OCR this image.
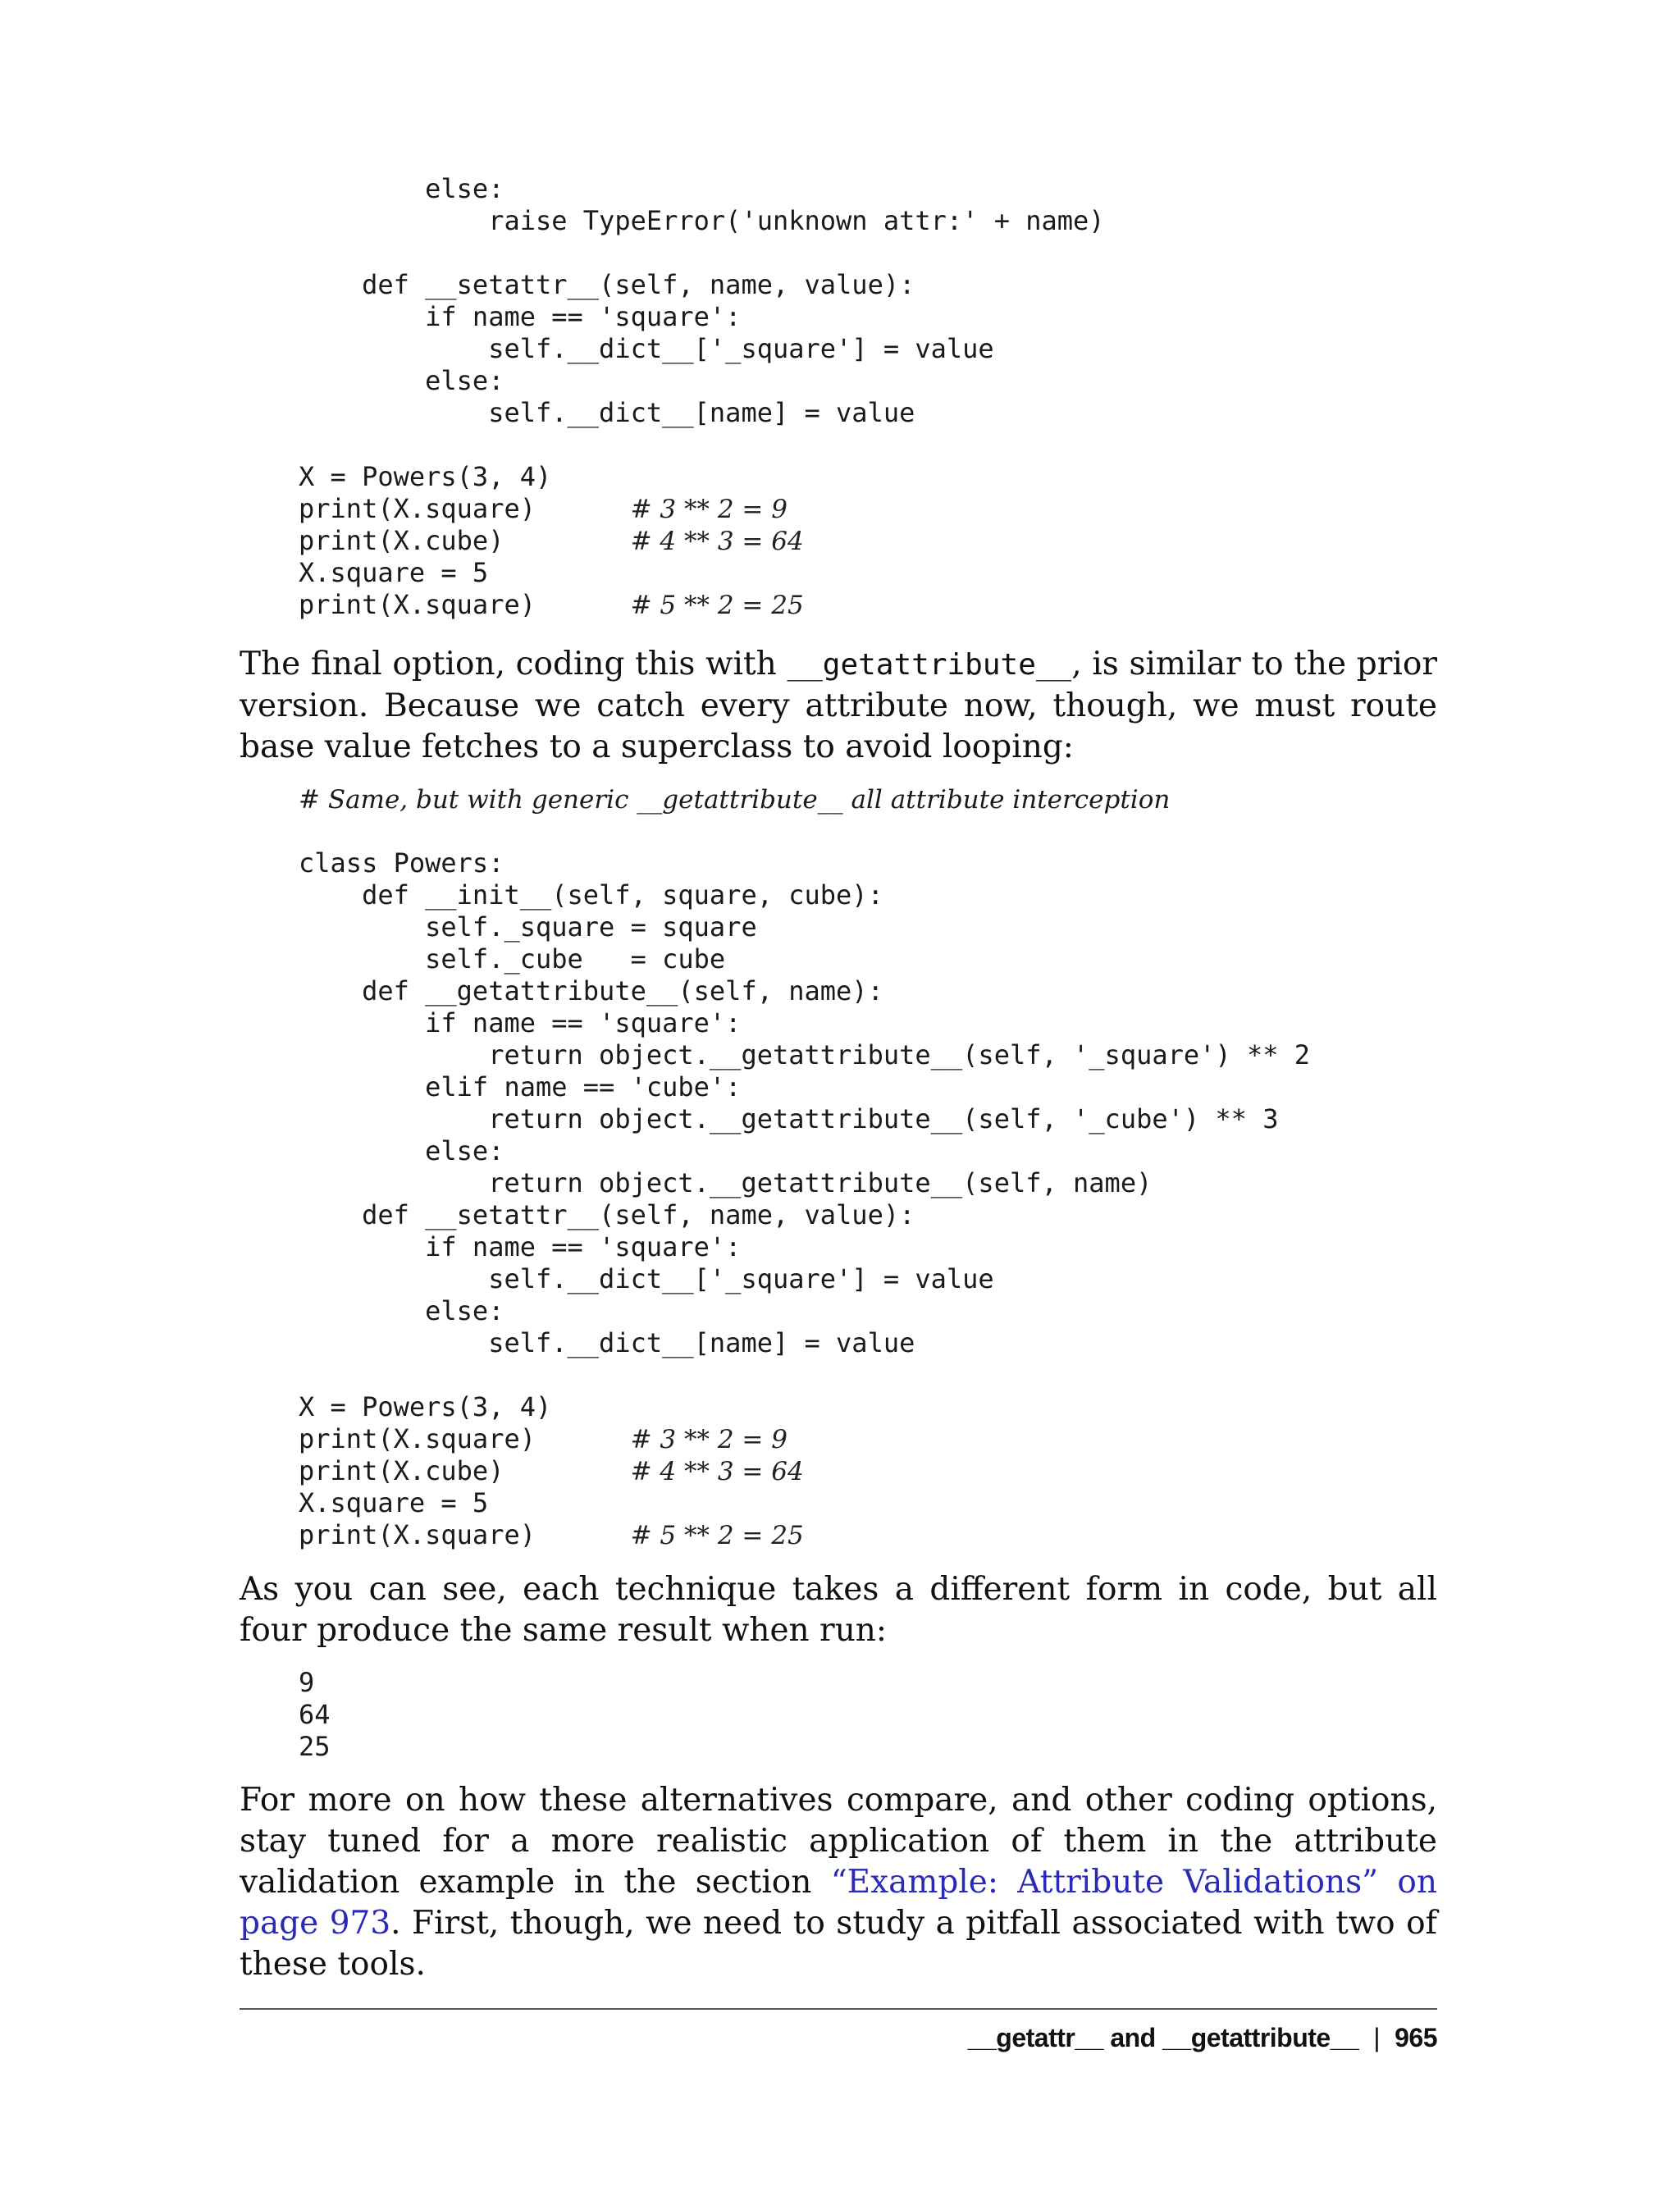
else:
raise TypeError('unknown attr:' + name)
def __setattr__(self, name, value):
if name == 'square':
self.__dict__['_square'] = value
else:
self.__dict__[name] = value
X = Powers(3, 4)
print(X.square)      # 3 ** 2 = 9
print(X.cube)        # 4 ** 3 = 64
X.square = 5
print(X.square)      # 5 ** 2 = 25

The final option, coding this with __getattribute__, is similar to the prior version. Because we catch every attribute now, though, we must route base value fetches to a superclass to avoid looping:

# Same, but with generic __getattribute__ all attribute interception
class Powers:
def __init__(self, square, cube):
self._square = square
self._cube   = cube
def __getattribute__(self, name):
if name == 'square':
return object.__getattribute__(self, '_square') ** 2
elif name == 'cube':
return object.__getattribute__(self, '_cube') ** 3
else:
return object.__getattribute__(self, name)
def __setattr__(self, name, value):
if name == 'square':
self.__dict__['_square'] = value
else:
self.__dict__[name] = value
X = Powers(3, 4)
print(X.square)      # 3 ** 2 = 9
print(X.cube)        # 4 ** 3 = 64
X.square = 5
print(X.square)      # 5 ** 2 = 25

As you can see, each technique takes a different form in code, but all four produce the same result when run:

9
64
25

For more on how these alternatives compare, and other coding options, stay tuned for a more realistic application of them in the attribute validation example in the section “Example: Attribute Validations” on page 973. First, though, we need to study a pitfall associated with two of these tools.

__getattr__ and __getattribute__ | 965
